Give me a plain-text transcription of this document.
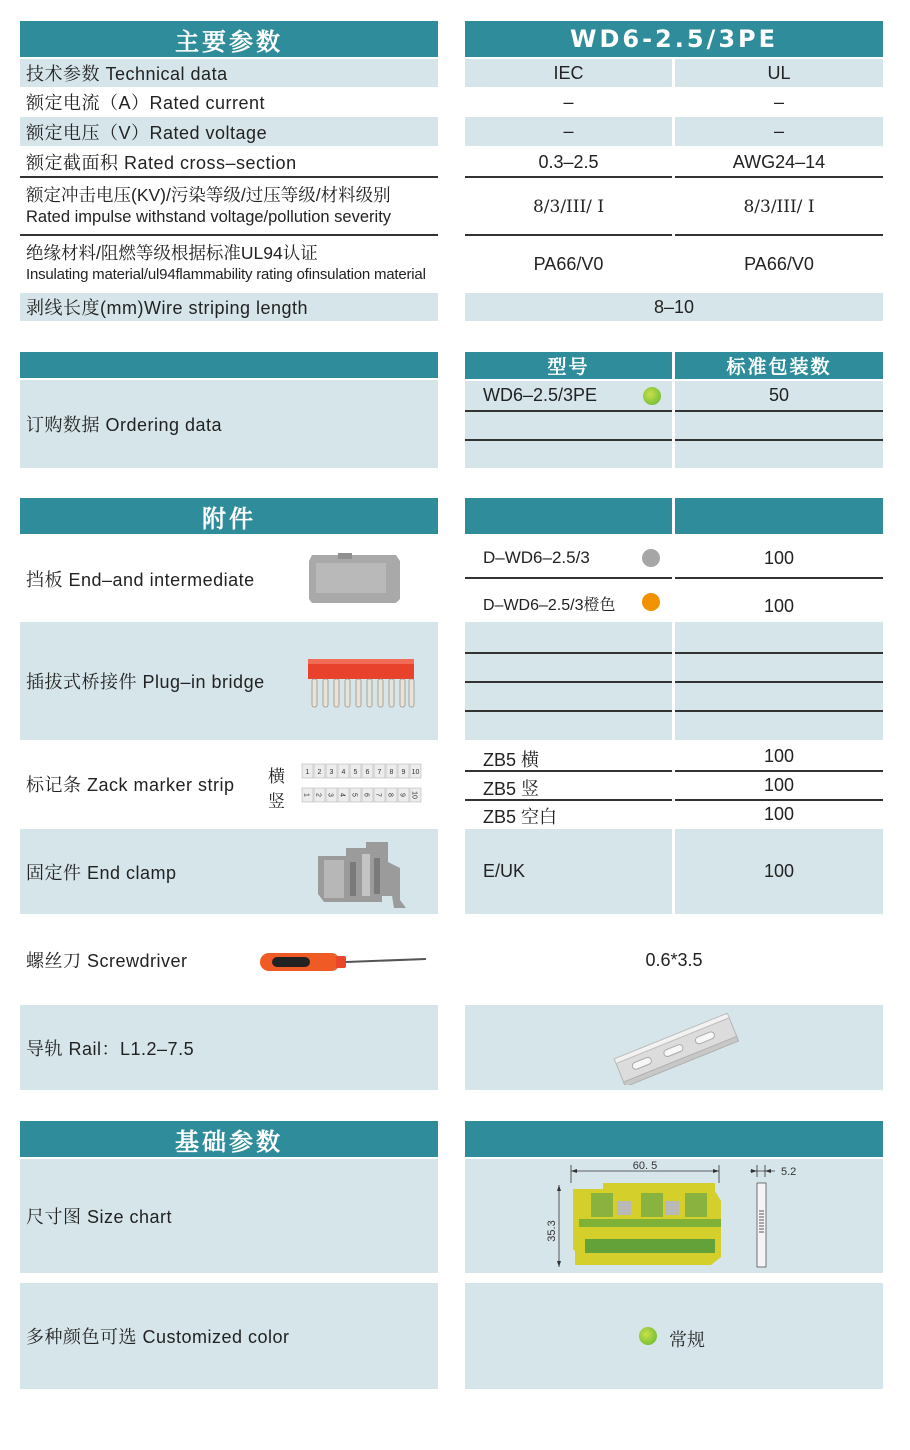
主要参数	WD6-2.5/3PE
技术参数 Technical data	IEC	UL
额定电流（A）Rated current	–	–
额定电压（V）Rated voltage	–	–
额定截面积 Rated cross–section	0.3–2.5	AWG24–14
额定冲击电压(KV)/污染等级/过压等级/材料级别
Rated impulse withstand voltage/pollution severity	8/3/III/ I	8/3/III/ I
绝缘材料/阻燃等级根据标准UL94认证
Insulating material/ul94flammability rating ofinsulation material
PA66/V0	PA66/V0
剥线长度(mm)Wire striping length	8–10
订购数据 Ordering data
型号	标准包装数
WD6–2.5/3PE	50
附件
挡板 End–and intermediate
D–WD6–2.5/3	100
D–WD6–2.5/3橙色	100
插拔式桥接件 Plug–in bridge
标记条 Zack marker strip	横
竖
1
1
2
2
3
3
4
4
5
5
6
6
7
7
8
8
9
9
10
10
ZB5 横	100
ZB5 竖	100
ZB5 空白	100
固定件 End clamp	E/UK	100
螺丝刀 Screwdriver	0.6*3.5
导轨 Rail：L1.2–7.5
基础参数
尺寸图 Size chart
60. 5
35.3
5.2
多种颜色可选 Customized color	常规
